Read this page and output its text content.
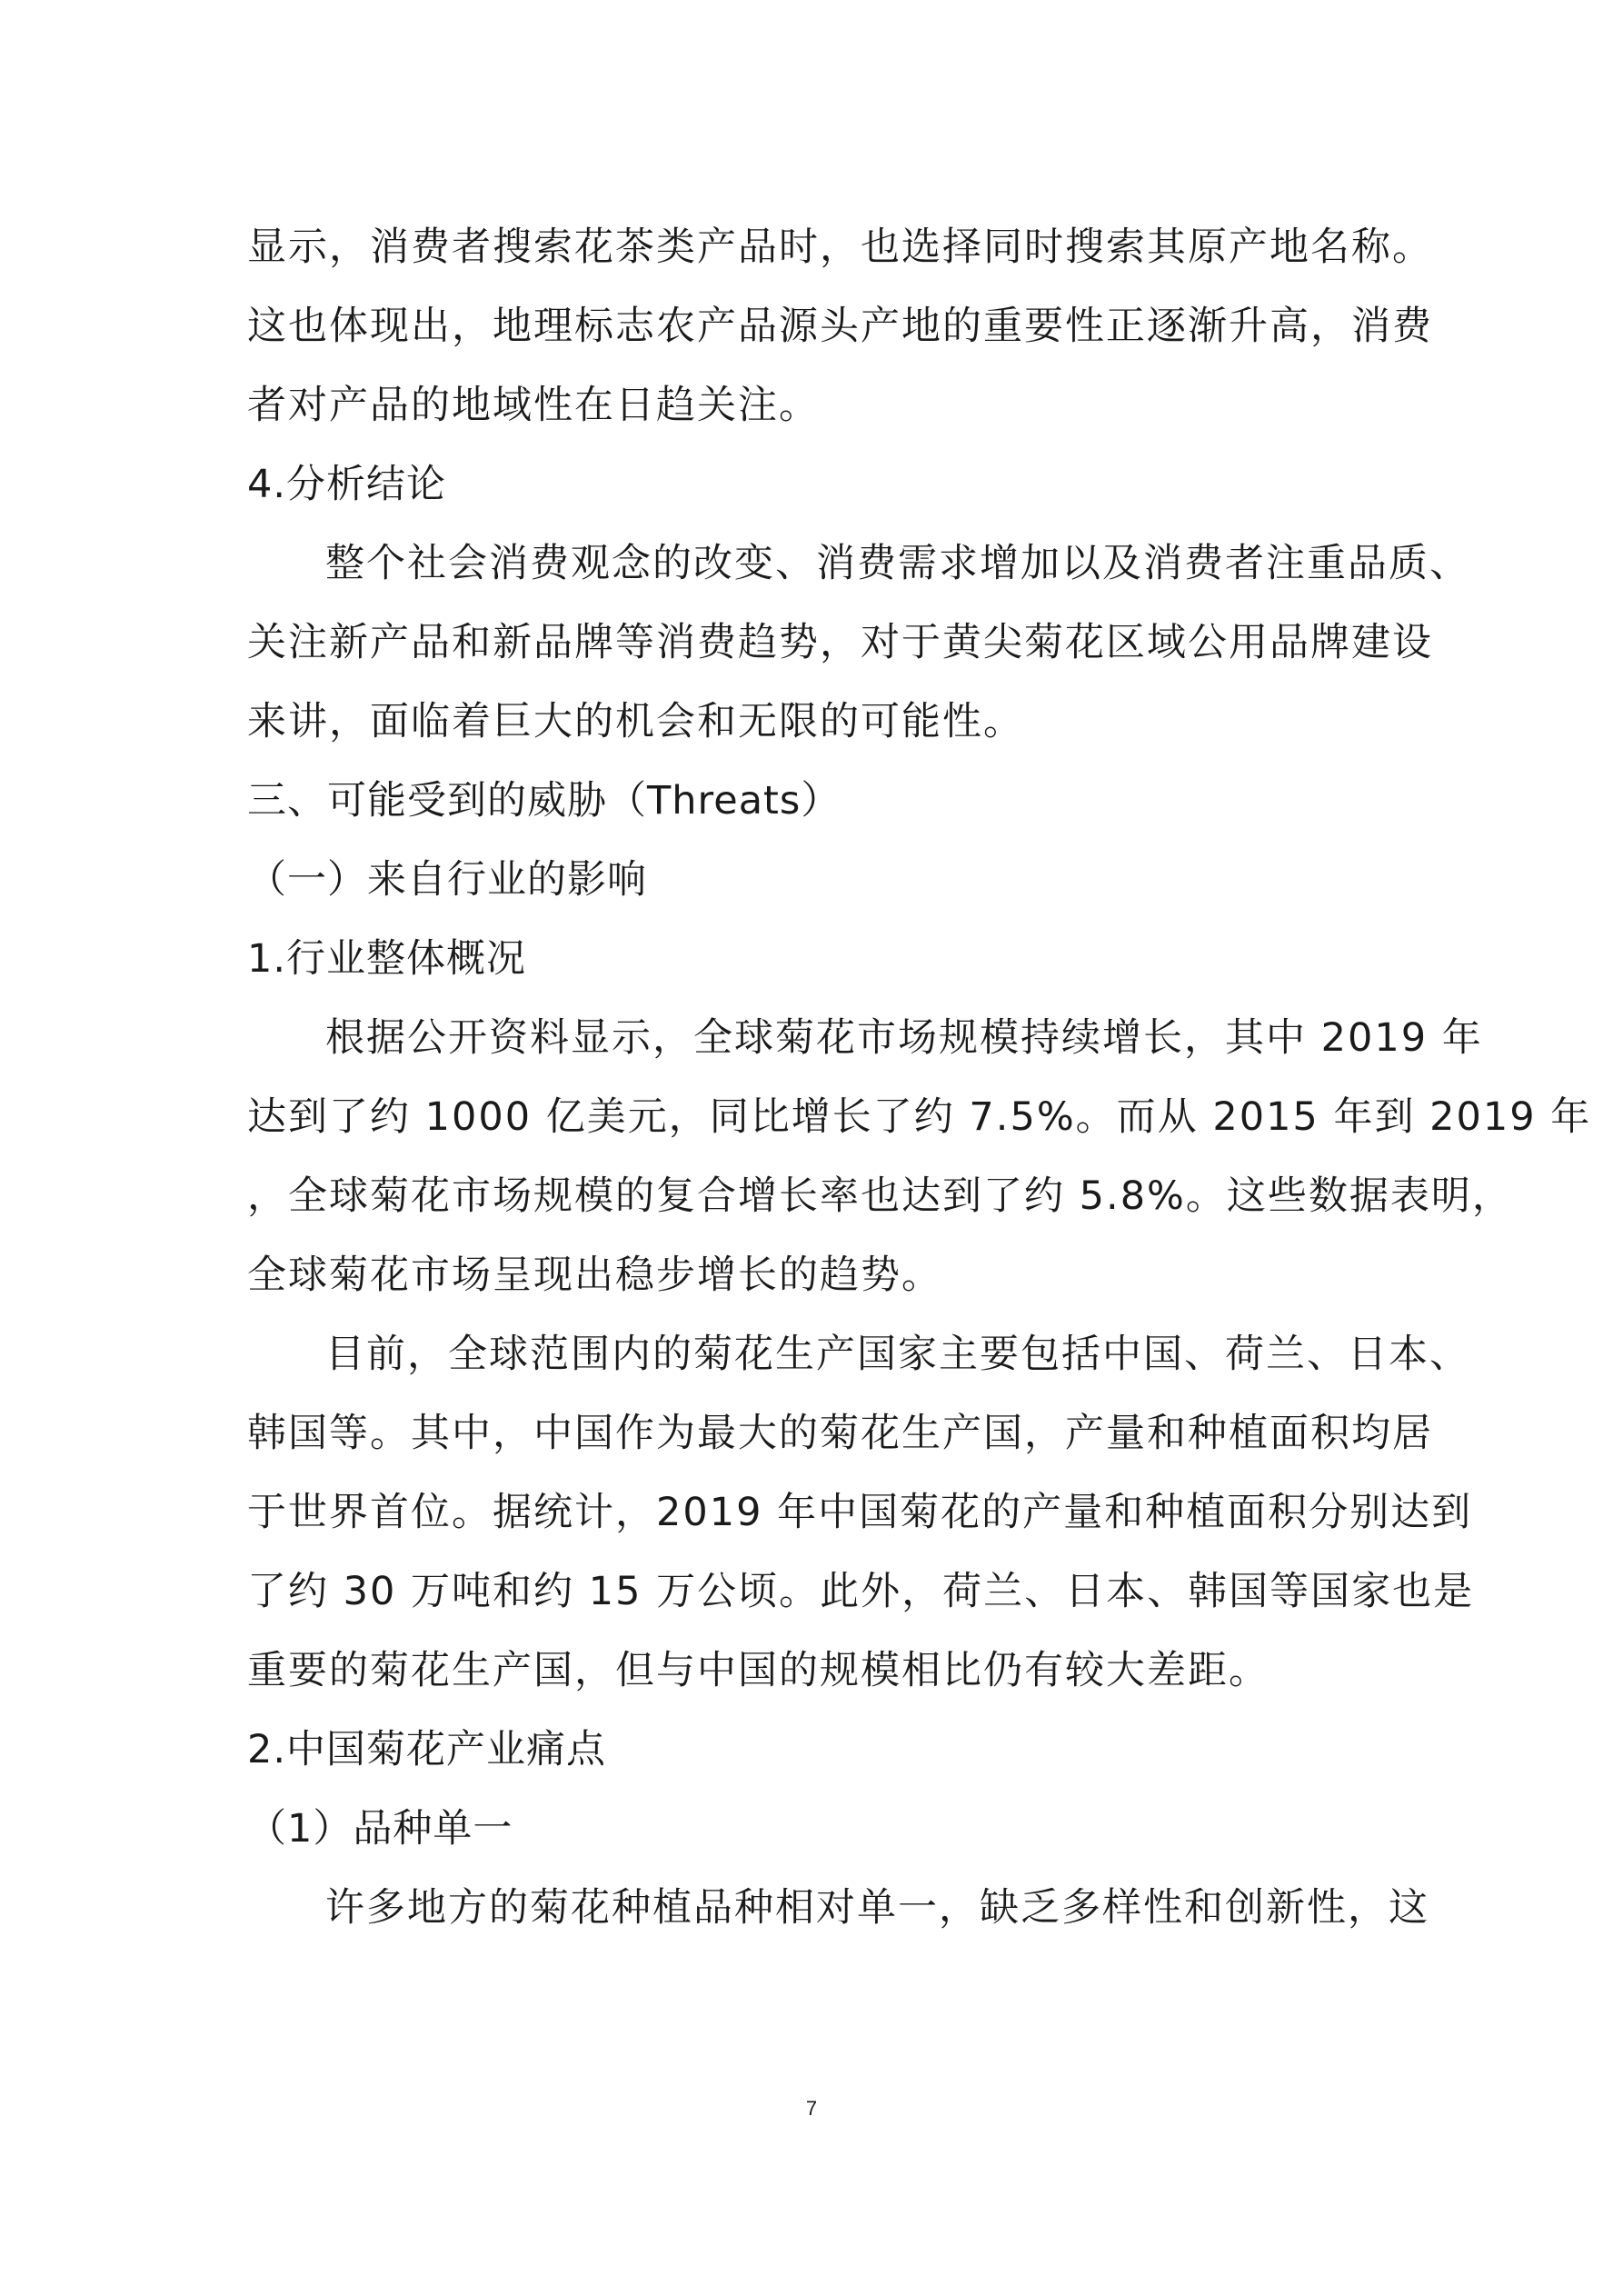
显示，消费者搜索花茶类产品时，也选择同时搜索其原产地名称。
这也体现出，地理标志农产品源头产地的重要性正逐渐升高，消费
者对产品的地域性在日趋关注。
4.分析结论
整个社会消费观念的改变、消费需求增加以及消费者注重品质、
关注新产品和新品牌等消费趋势，对于黄尖菊花区域公用品牌建设
来讲，面临着巨大的机会和无限的可能性。
三、可能受到的威胁（Threats）
（一）来自行业的影响
1.行业整体概况
根据公开资料显示，全球菊花市场规模持续增长，其中 2019 年
达到了约 1000 亿美元，同比增长了约 7.5%。而从 2015 年到 2019 年
，全球菊花市场规模的复合增长率也达到了约 5.8%。这些数据表明，
全球菊花市场呈现出稳步增长的趋势。
目前，全球范围内的菊花生产国家主要包括中国、荷兰、日本、
韩国等。其中，中国作为最大的菊花生产国，产量和种植面积均居
于世界首位。据统计，2019 年中国菊花的产量和种植面积分别达到
了约 30 万吨和约 15 万公顷。此外，荷兰、日本、韩国等国家也是
重要的菊花生产国，但与中国的规模相比仍有较大差距。
2.中国菊花产业痛点
（1）品种单一
许多地方的菊花种植品种相对单一，缺乏多样性和创新性，这
7
